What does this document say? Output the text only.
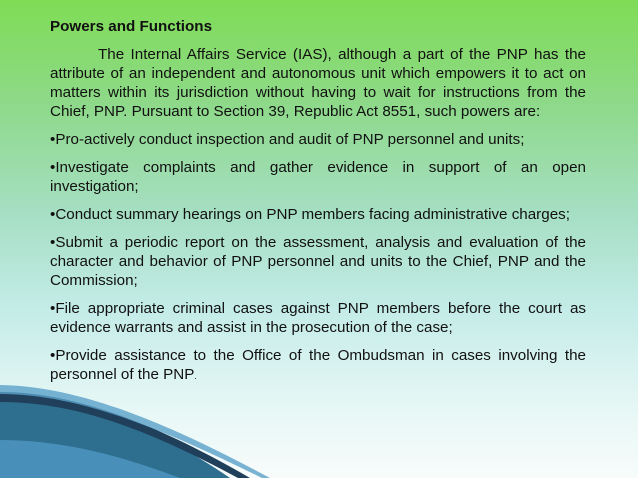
Powers and Functions
The Internal Affairs Service (IAS), although a part of the PNP has the attribute of an independent and autonomous unit which empowers it to act on matters within its jurisdiction without having to wait for instructions from the Chief, PNP. Pursuant to Section 39, Republic Act 8551, such powers are:
•Pro-actively conduct inspection and audit of PNP personnel and units;
•Investigate complaints and gather evidence in support of an open investigation;
•Conduct summary hearings on PNP members facing administrative charges;
•Submit a periodic report on the assessment, analysis and evaluation of the character and behavior of PNP personnel and units to the Chief, PNP and the Commission;
•File appropriate criminal cases against PNP members before the court as evidence warrants and assist in the prosecution of the case;
•Provide assistance to the Office of the Ombudsman in cases involving the personnel of the PNP.
